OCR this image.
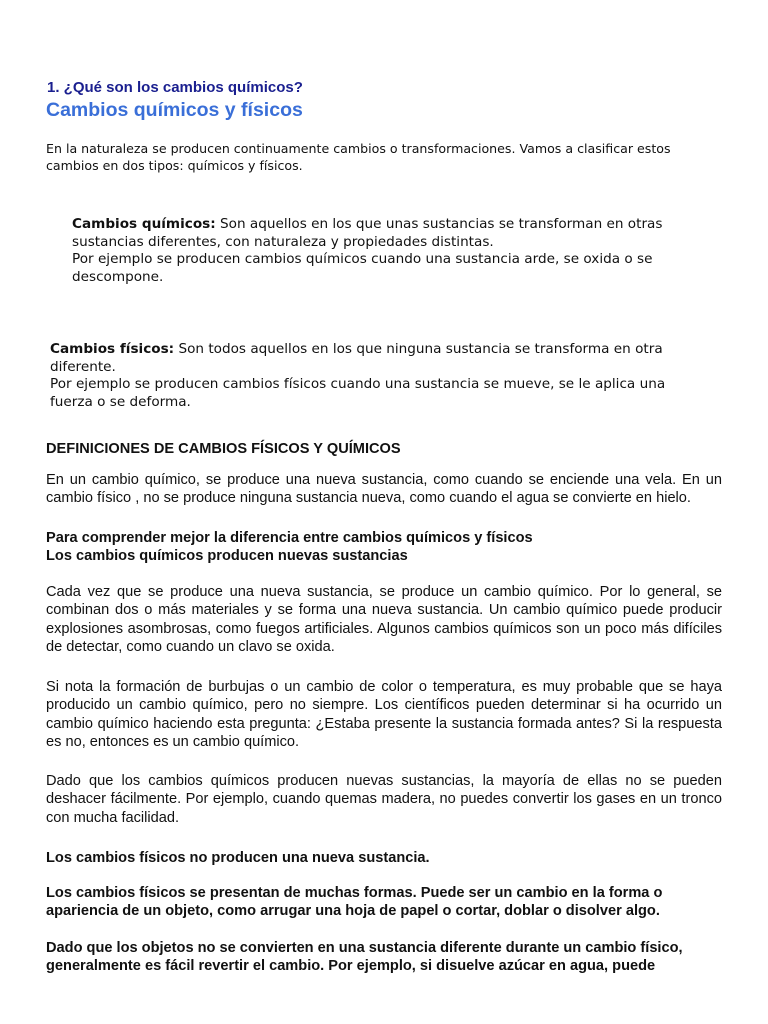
1. ¿Qué son los cambios químicos?

Cambios químicos y físicos

En la naturaleza se producen continuamente cambios o transformaciones. Vamos a clasificar estos cambios en dos tipos: químicos y físicos.

Cambios químicos: Son aquellos en los que unas sustancias se transforman en otras sustancias diferentes, con naturaleza y propiedades distintas.
Por ejemplo se producen cambios químicos cuando una sustancia arde, se oxida o se descompone.
Cambios físicos: Son todos aquellos en los que ninguna sustancia se transforma en otra diferente.
Por ejemplo se producen cambios físicos cuando una sustancia se mueve, se le aplica una fuerza o se deforma.

DEFINICIONES DE CAMBIOS FÍSICOS Y QUÍMICOS

En un cambio químico, se produce una nueva sustancia, como cuando se enciende una vela. En un cambio físico , no se produce ninguna sustancia nueva, como cuando el agua se convierte en hielo.

Para comprender mejor la diferencia entre cambios químicos y físicos
Los cambios químicos producen nuevas sustancias

Cada vez que se produce una nueva sustancia, se produce un cambio químico. Por lo general, se combinan dos o más materiales y se forma una nueva sustancia. Un cambio químico puede producir explosiones asombrosas, como fuegos artificiales. Algunos cambios químicos son un poco más difíciles de detectar, como cuando un clavo se oxida.

Si nota la formación de burbujas o un cambio de color o temperatura, es muy probable que se haya producido un cambio químico, pero no siempre. Los científicos pueden determinar si ha ocurrido un cambio químico haciendo esta pregunta: ¿Estaba presente la sustancia formada antes? Si la respuesta es no, entonces es un cambio químico.

Dado que los cambios químicos producen nuevas sustancias, la mayoría de ellas no se pueden deshacer fácilmente. Por ejemplo, cuando quemas madera, no puedes convertir los gases en un tronco con mucha facilidad.

Los cambios físicos no producen una nueva sustancia.

Los cambios físicos se presentan de muchas formas. Puede ser un cambio en la forma o apariencia de un objeto, como arrugar una hoja de papel o cortar, doblar o disolver algo.

Dado que los objetos no se convierten en una sustancia diferente durante un cambio físico, generalmente es fácil revertir el cambio. Por ejemplo, si disuelve azúcar en agua, puede
